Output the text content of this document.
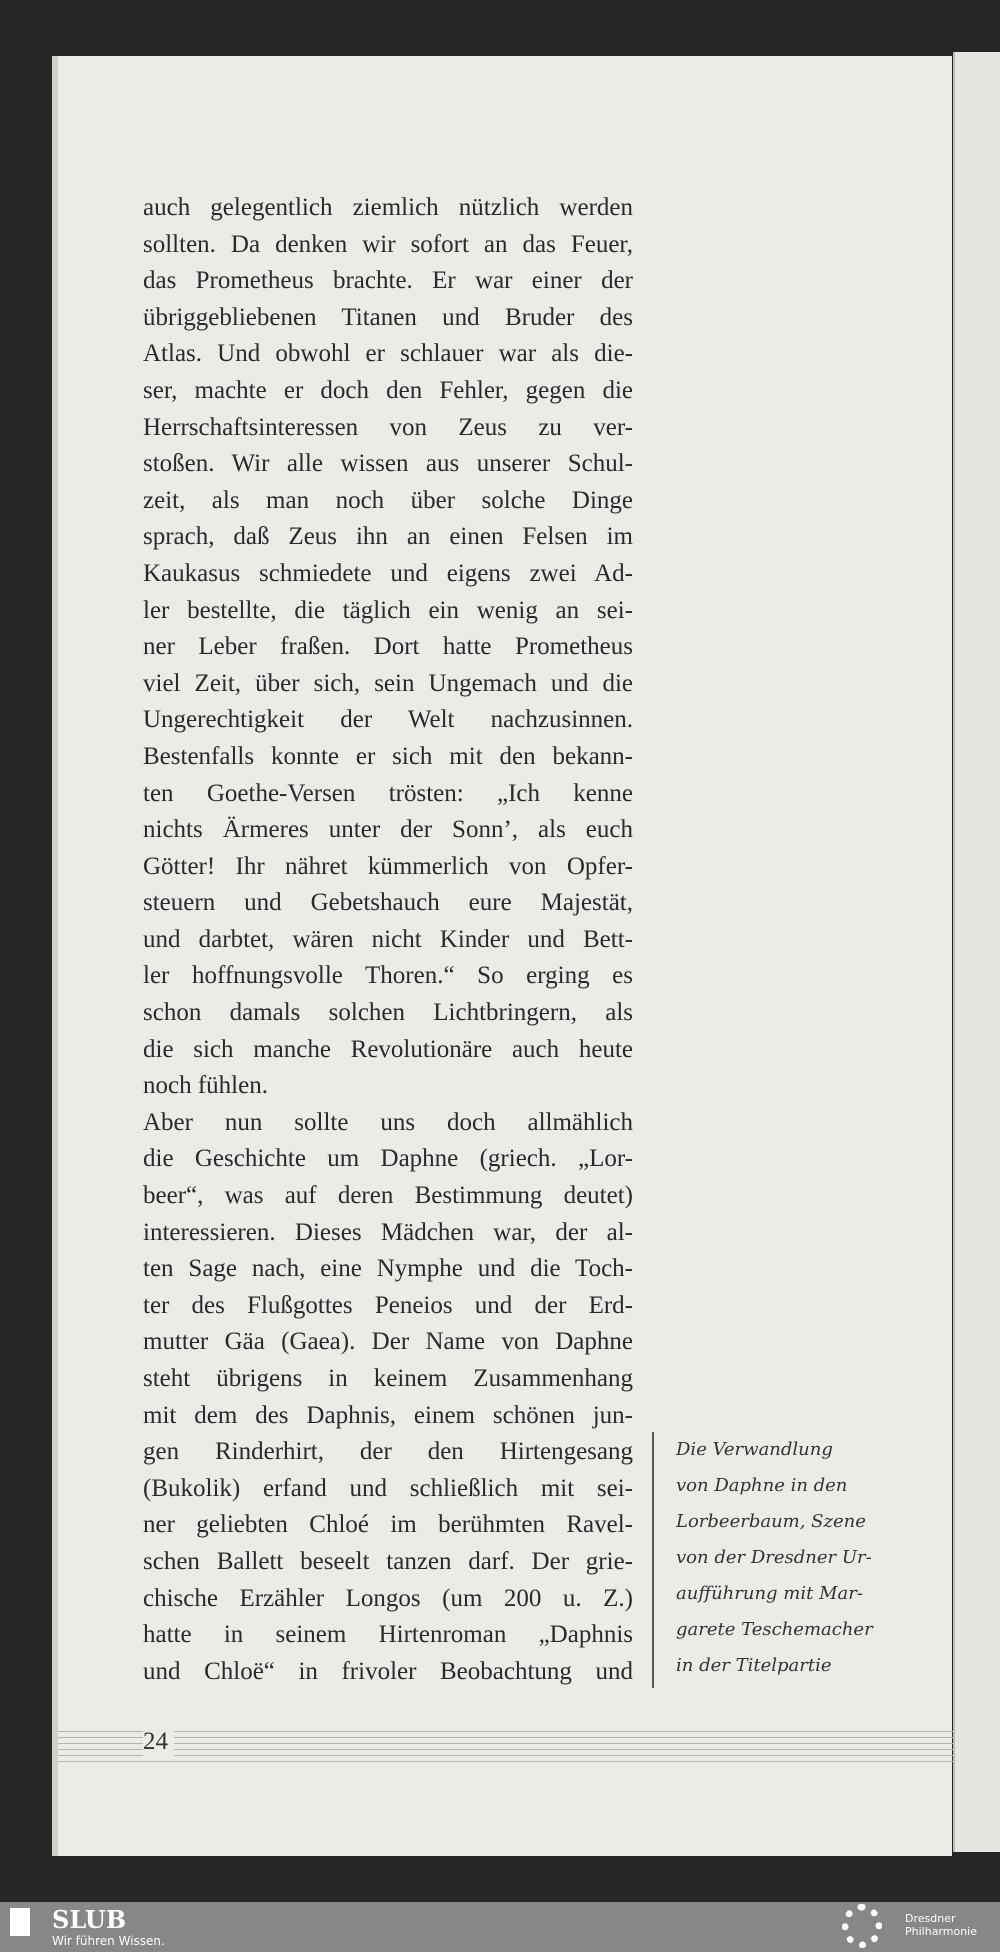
auch gelegentlich ziemlich nützlich werden
sollten. Da denken wir sofort an das Feuer,
das Prometheus brachte. Er war einer der
übriggebliebenen Titanen und Bruder des
Atlas. Und obwohl er schlauer war als die-
ser, machte er doch den Fehler, gegen die
Herrschaftsinteressen von Zeus zu ver-
stoßen. Wir alle wissen aus unserer Schul-
zeit, als man noch über solche Dinge
sprach, daß Zeus ihn an einen Felsen im
Kaukasus schmiedete und eigens zwei Ad-
ler bestellte, die täglich ein wenig an sei-
ner Leber fraßen. Dort hatte Prometheus
viel Zeit, über sich, sein Ungemach und die
Ungerechtigkeit der Welt nachzusinnen.
Bestenfalls konnte er sich mit den bekann-
ten Goethe-Versen trösten: „Ich kenne
nichts Ärmeres unter der Sonn’, als euch
Götter! Ihr nähret kümmerlich von Opfer-
steuern und Gebetshauch eure Majestät,
und darbtet, wären nicht Kinder und Bett-
ler hoffnungsvolle Thoren.“ So erging es
schon damals solchen Lichtbringern, als
die sich manche Revolutionäre auch heute
noch fühlen.
Aber nun sollte uns doch allmählich
die Geschichte um Daphne (griech. „Lor-
beer“, was auf deren Bestimmung deutet)
interessieren. Dieses Mädchen war, der al-
ten Sage nach, eine Nymphe und die Toch-
ter des Flußgottes Peneios und der Erd-
mutter Gäa (Gaea). Der Name von Daphne
steht übrigens in keinem Zusammenhang
mit dem des Daphnis, einem schönen jun-
gen Rinderhirt, der den Hirtengesang
(Bukolik) erfand und schließlich mit sei-
ner geliebten Chloé im berühmten Ravel-
schen Ballett beseelt tanzen darf. Der grie-
chische Erzähler Longos (um 200 u. Z.)
hatte in seinem Hirtenroman „Daphnis
und Chloë“ in frivoler Beobachtung und
Die Verwandlung
von Daphne in den
Lorbeerbaum, Szene
von der Dresdner Ur-
aufführung mit Mar-
garete Teschemacher
in der Titelpartie
24
SLUB
Wir führen Wissen.
Dresdner
Philharmonie
